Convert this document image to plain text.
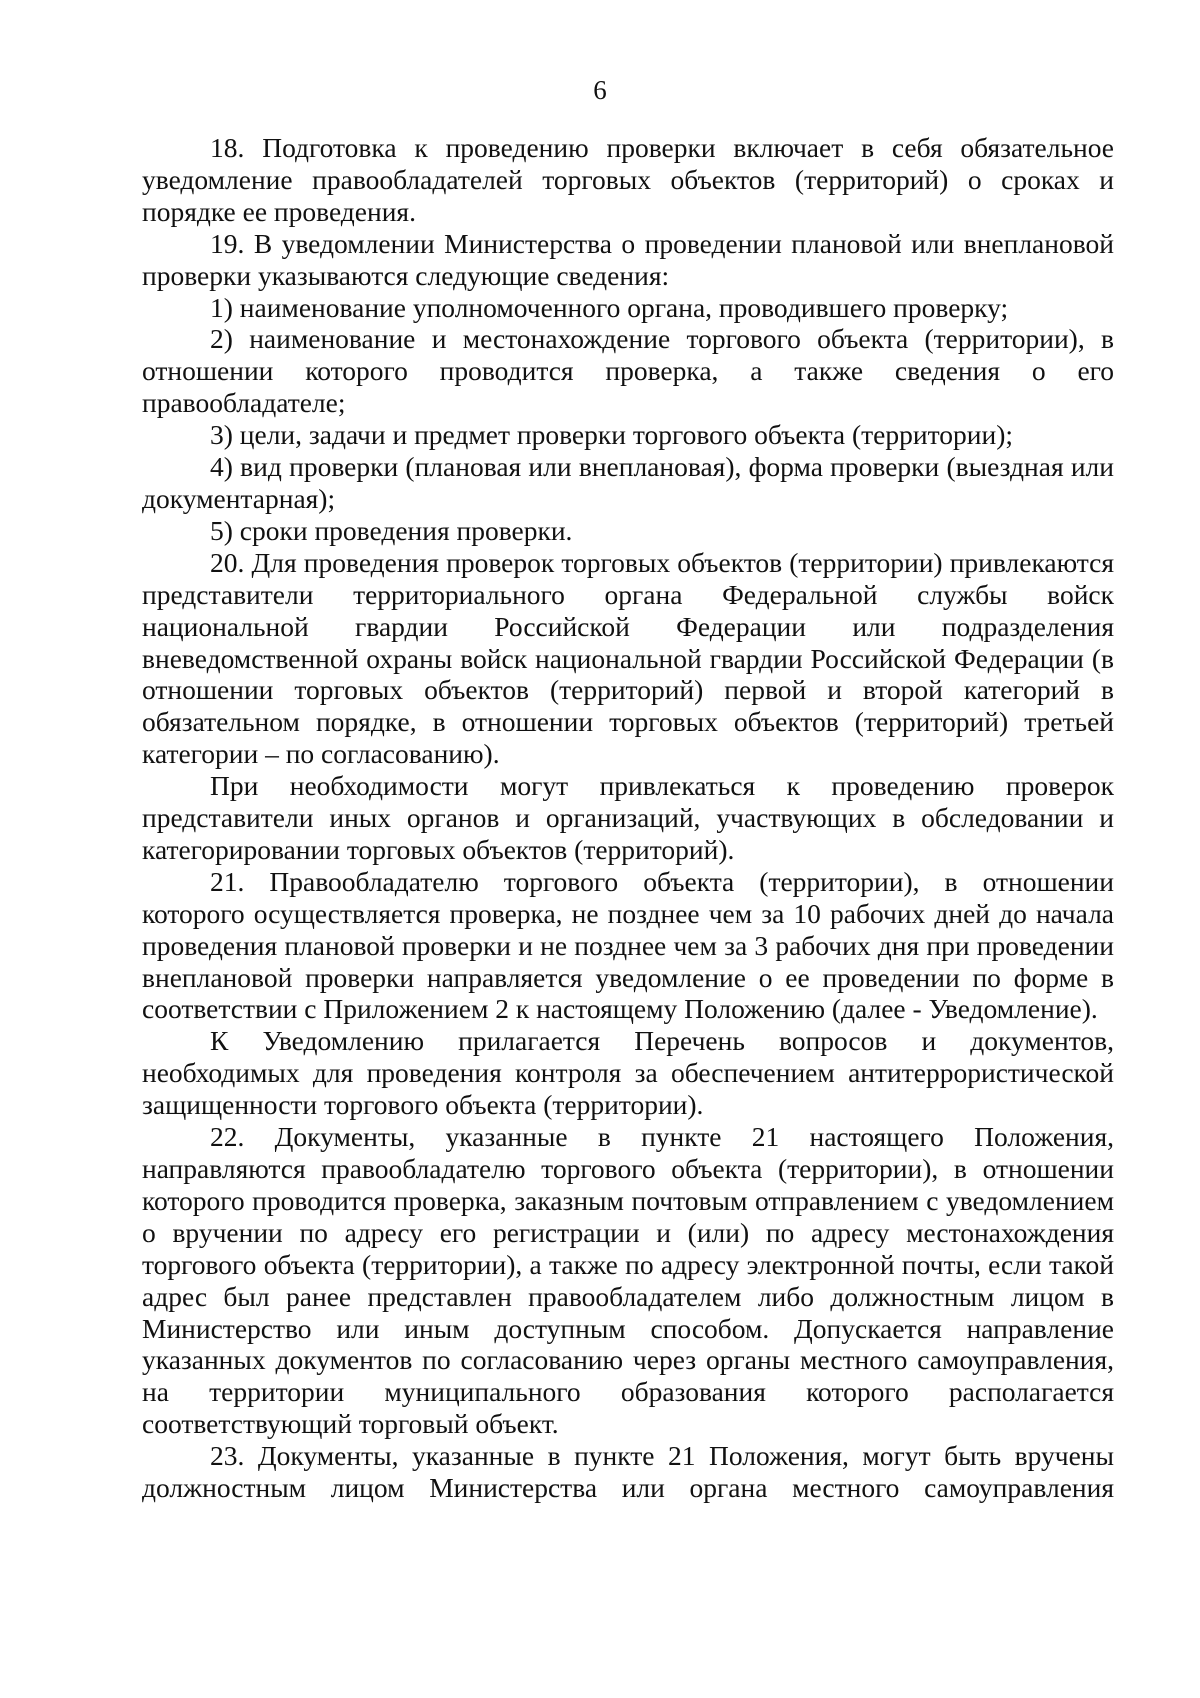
6

18. Подготовка к проведению проверки включает в себя обязательное уведомление правообладателей торговых объектов (территорий) о сроках и порядке ее проведения.

19. В уведомлении Министерства о проведении плановой или внеплановой проверки указываются следующие сведения:

1) наименование уполномоченного органа, проводившего проверку;

2) наименование и местонахождение торгового объекта (территории), в отношении которого проводится проверка, а также сведения о его правообладателе;

3) цели, задачи и предмет проверки торгового объекта (территории);

4) вид проверки (плановая или внеплановая), форма проверки (выездная или документарная);

5) сроки проведения проверки.

20. Для проведения проверок торговых объектов (территории) привлекаются представители территориального органа Федеральной службы войск национальной гвардии Российской Федерации или подразделения вневедомственной охраны войск национальной гвардии Российской Федерации (в отношении торговых объектов (территорий) первой и второй категорий в обязательном порядке, в отношении торговых объектов (территорий) третьей категории – по согласованию).

При необходимости могут привлекаться к проведению проверок представители иных органов и организаций, участвующих в обследовании и категорировании торговых объектов (территорий).

21. Правообладателю торгового объекта (территории), в отношении которого осуществляется проверка, не позднее чем за 10 рабочих дней до начала проведения плановой проверки и не позднее чем за 3 рабочих дня при проведении внеплановой проверки направляется уведомление о ее проведении по форме в соответствии с Приложением 2 к настоящему Положению (далее - Уведомление).

К Уведомлению прилагается Перечень вопросов и документов, необходимых для проведения контроля за обеспечением антитеррористической защищенности торгового объекта (территории).

22. Документы, указанные в пункте 21 настоящего Положения, направляются правообладателю торгового объекта (территории), в отношении которого проводится проверка, заказным почтовым отправлением с уведомлением о вручении по адресу его регистрации и (или) по адресу местонахождения торгового объекта (территории), а также по адресу электронной почты, если такой адрес был ранее представлен правообладателем либо должностным лицом в Министерство или иным доступным способом. Допускается направление указанных документов по согласованию через органы местного самоуправления, на территории муниципального образования которого располагается соответствующий торговый объект.

23. Документы, указанные в пункте 21 Положения, могут быть вручены должностным лицом Министерства или органа местного самоуправления
